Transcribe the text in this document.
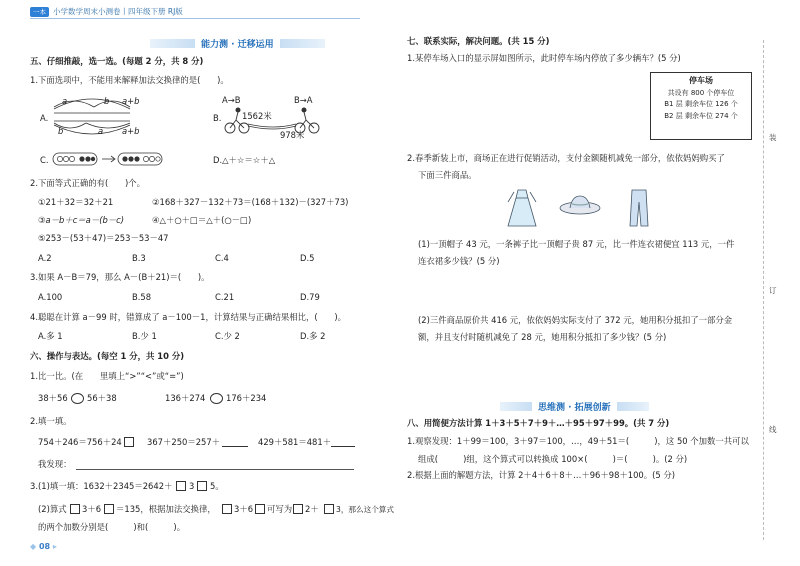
一本 小学数学周末小测卷丨四年级下册 RJ版
能力测 · 迁移运用
五、仔细推敲，选一选。(每题 2 分，共 8 分)
1.下面选项中，不能用来解释加法交换律的是(　　)。
A.
a	b a+b
b	a a+b
B.
A→B	B→A
1562米
978米
C.	D.△＋☆＝☆＋△
2.下面等式正确的有(　　)个。
①21＋32＝32＋21	②168＋327－132＋73＝(168＋132)－(327＋73)
③a－b＋c＝a－(b－c)	④△＋○＋□＝△＋(○－□)
⑤253－(53＋47)＝253－53－47
A.2	B.3	C.4	D.5
3.如果 A－B＝79，那么 A－(B＋21)＝(　　)。
A.100	B.58	C.21	D.79
4.聪聪在计算 a－99 时，错算成了 a－100－1，计算结果与正确结果相比，(　　)。
A.多 1	B.少 1	C.少 2	D.多 2
六、操作与表达。(每空 1 分，共 10 分)
1.比一比。(在　　里填上“>”“<”或“=”)
38＋56 56＋38	136＋274 176＋234
2.填一填。
754＋246＝756＋24	367＋250＝257＋	429＋581＝481＋
我发现：
3.(1)填一填：1632＋2345＝2642＋ 3 5。
(2)算式 3＋6 ＝135，根据加法交换律， 3＋6 可写为 2＋ 3，那么这个算式
的两个加数分别是(　　　)和(　　　)。
◆ 08 ▸
七、联系实际，解决问题。(共 15 分)
1.某停车场入口的显示屏如图所示，此时停车场内停放了多少辆车？(5 分)
停车场
共设有 800 个停车位
B1 层 剩余车位 126 个
B2 层 剩余车位 274 个
2.春季新装上市，商场正在进行促销活动，支付金额随机减免一部分，依依妈妈购买了
下面三件商品。
(1)一顶帽子 43 元，一条裤子比一顶帽子贵 87 元，比一件连衣裙便宜 113 元，一件
连衣裙多少钱？(5 分)
(2)三件商品原价共 416 元，依依妈妈实际支付了 372 元，她用积分抵扣了一部分金
额，并且支付时随机减免了 28 元，她用积分抵扣了多少钱？(5 分)
思维测 · 拓展创新
八、用简便方法计算 1＋3＋5＋7＋9＋…＋95＋97＋99。(共 7 分)
1.观察发现：1＋99＝100，3＋97＝100，…，49＋51＝(　　　)，这 50 个加数一共可以
组成(　　　)组，这个算式可以转换成 100×(　　　)＝(　　　)。(2 分)
2.根据上面的解题方法，计算 2＋4＋6＋8＋…＋96＋98＋100。(5 分)
装
订
线
